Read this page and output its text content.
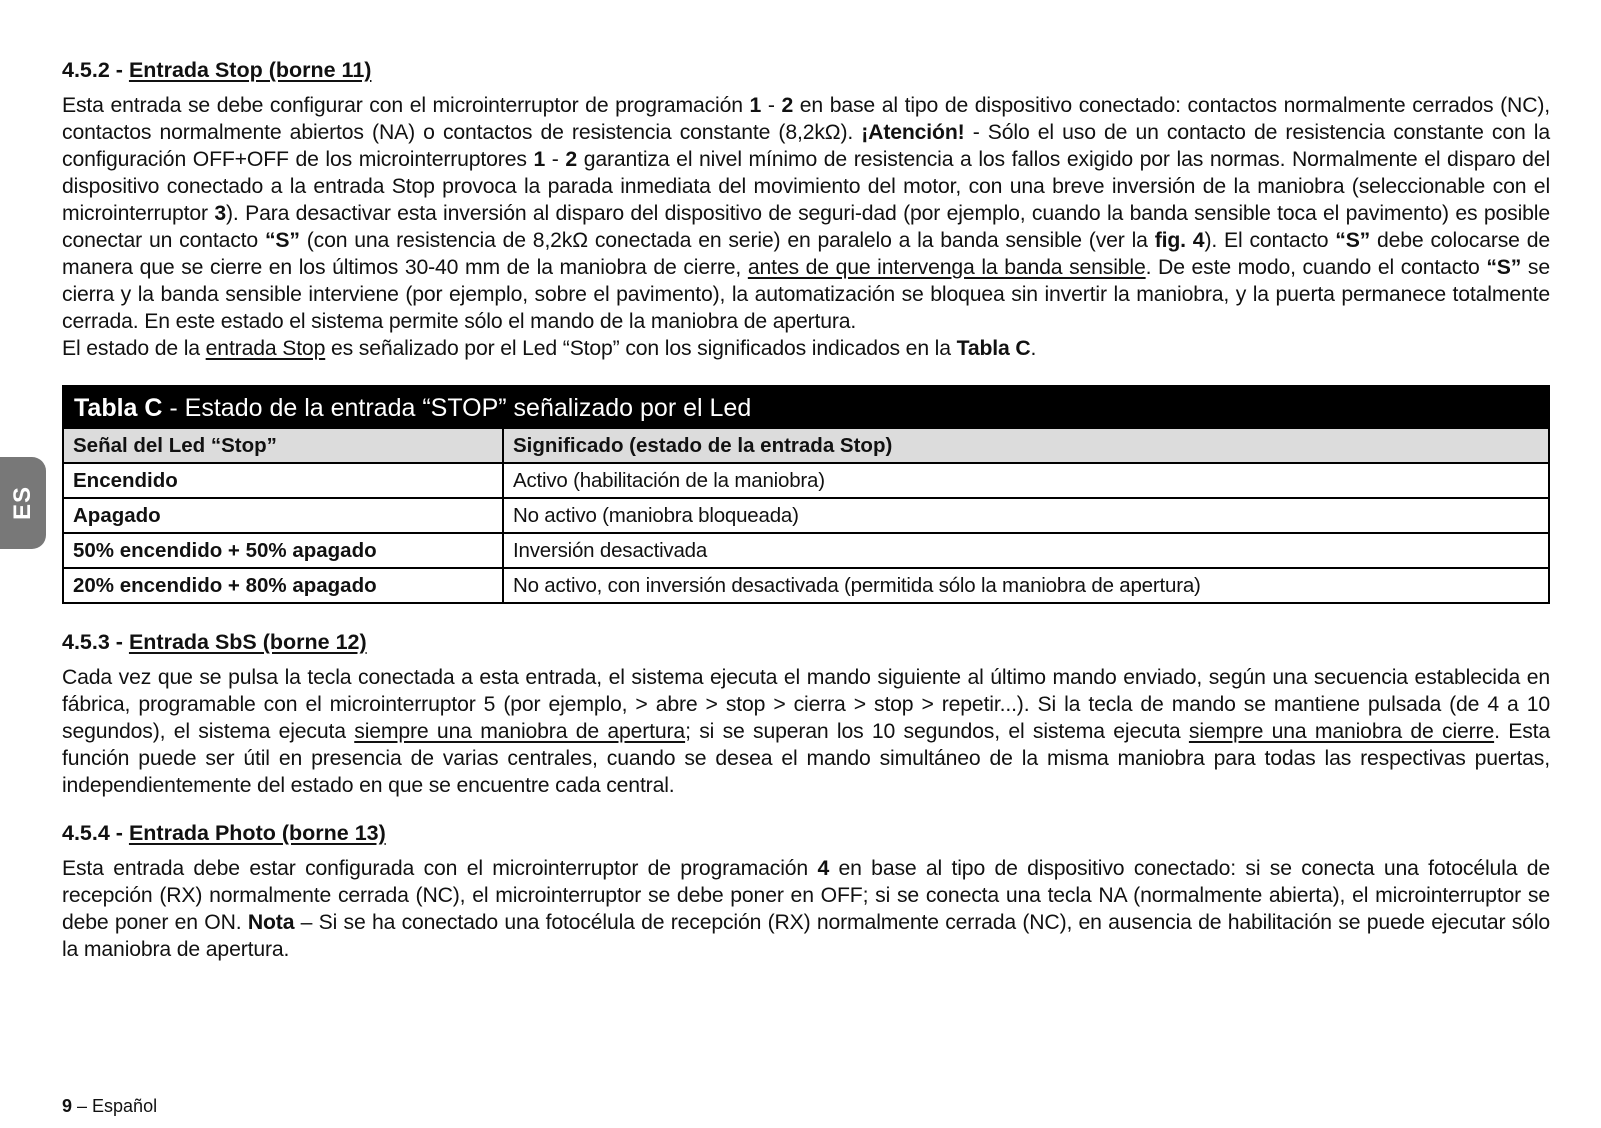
ES
4.5.2 - Entrada Stop (borne 11)

Esta entrada se debe configurar con el microinterruptor de programación 1 - 2 en base al tipo de dispositivo conectado: contactos normalmente cerrados (NC), contactos normalmente abiertos (NA) o contactos de resistencia constante (8,2kΩ). ¡Atención! - Sólo el uso de un contacto de resistencia constante con la configuración OFF+OFF de los microinterruptores 1 - 2 garantiza el nivel mínimo de resistencia a los fallos exigido por las normas. Normalmente el disparo del dispositivo conectado a la entrada Stop provoca la parada inmediata del movimiento del motor, con una breve inversión de la maniobra (seleccionable con el microinterruptor 3). Para desactivar esta inversión al disparo del dispositivo de seguri-dad (por ejemplo, cuando la banda sensible toca el pavimento) es posible conectar un contacto “S” (con una resistencia de 8,2kΩ conectada en serie) en paralelo a la banda sensible (ver la fig. 4). El contacto “S” debe colocarse de manera que se cierre en los últimos 30-40 mm de la maniobra de cierre, antes de que intervenga la banda sensible. De este modo, cuando el contacto “S” se cierra y la banda sensible interviene (por ejemplo, sobre el pavimento), la automatización se bloquea sin invertir la maniobra, y la puerta permanece totalmente cerrada. En este estado el sistema permite sólo el mando de la maniobra de apertura.

El estado de la entrada Stop es señalizado por el Led “Stop” con los significados indicados en la Tabla C.

Tabla C - Estado de la entrada “STOP” señalizado por el Led	
Señal del Led “Stop”	Significado (estado de la entrada Stop)
Encendido	Activo (habilitación de la maniobra)
Apagado	No activo (maniobra bloqueada)
50% encendido + 50% apagado	Inversión desactivada
20% encendido + 80% apagado	No activo, con inversión desactivada (permitida sólo la maniobra de apertura)
4.5.3 - Entrada SbS (borne 12)

Cada vez que se pulsa la tecla conectada a esta entrada, el sistema ejecuta el mando siguiente al último mando enviado, según una secuencia establecida en fábrica, programable con el microinterruptor 5 (por ejemplo, > abre > stop > cierra > stop > repetir...). Si la tecla de mando se mantiene pulsada (de 4 a 10 segundos), el sistema ejecuta siempre una maniobra de apertura; si se superan los 10 segundos, el sistema ejecuta siempre una maniobra de cierre. Esta función puede ser útil en presencia de varias centrales, cuando se desea el mando simultáneo de la misma maniobra para todas las respectivas puertas, independientemente del estado en que se encuentre cada central.

4.5.4 - Entrada Photo (borne 13)

Esta entrada debe estar configurada con el microinterruptor de programación 4 en base al tipo de dispositivo conectado: si se conecta una fotocélula de recepción (RX) normalmente cerrada (NC), el microinterruptor se debe poner en OFF; si se conecta una tecla NA (normalmente abierta), el microinterruptor se debe poner en ON. Nota – Si se ha conectado una fotocélula de recepción (RX) normalmente cerrada (NC), en ausencia de habilitación se puede ejecutar sólo la maniobra de apertura.

9 – Español
